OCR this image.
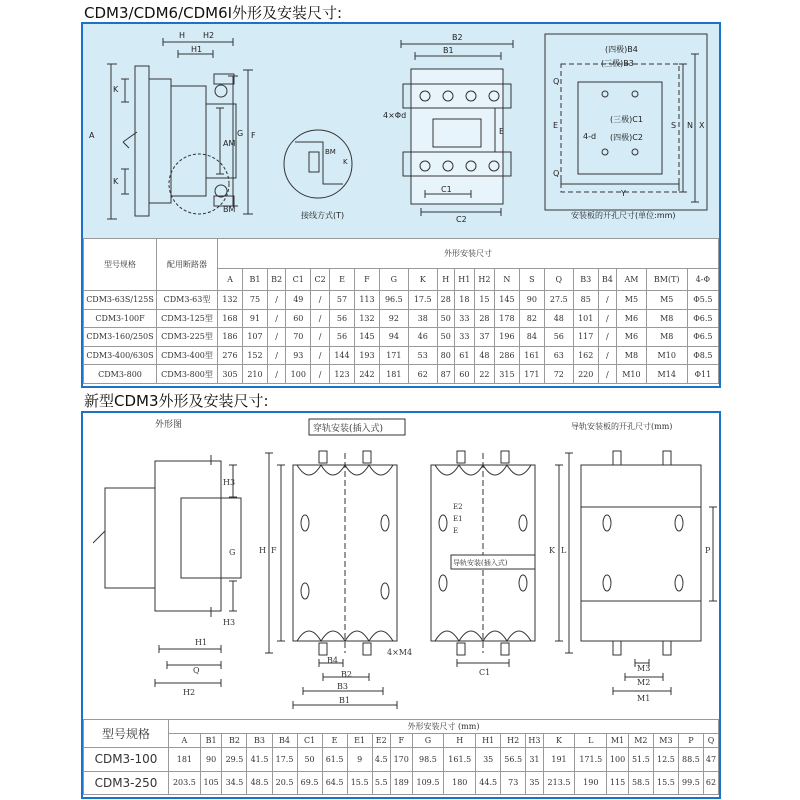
CDM3/CDM6/CDM6I外形及安装尺寸:
H H2
H1
K
A
AM
G F
K
BM
BM
K
接线方式(T)
B2
B1
4×Φd
E
C1
C2
(四极)B4
(三极)B3
Q
E
(三极)C1
4-d (四极)C2
Q
S N X
Y
安装板的开孔尺寸(单位:mm)
型号规格	配用断路器	外形安装尺寸																			
		A	B1	B2	C1	C2	E	F	G	K	H	H1	H2	N	S	Q	B3	B4	AM	BM(T)	4-Φ
CDM3-63S/125S	CDM3-63型	132	75	/	49	/	57	113	96.5	17.5	28	18	15	145	90	27.5	85	/	M5	M5	Φ5.5
CDM3-100F	CDM3-125型	168	91	/	60	/	56	132	92	38	50	33	28	178	82	48	101	/	M6	M8	Φ6.5
CDM3-160/250S	CDM3-225型	186	107	/	70	/	56	145	94	46	50	33	37	196	84	56	117	/	M6	M8	Φ6.5
CDM3-400/630S	CDM3-400型	276	152	/	93	/	144	193	171	53	80	61	48	286	161	63	162	/	M8	M10	Φ8.5
CDM3-800	CDM3-800型	305	210	/	100	/	123	242	181	62	87	60	22	315	171	72	220	/	M10	M14	Φ11
新型CDM3外形及安装尺寸:
外形图	穿轨安装(插入式)	导轨安装板的开孔尺寸(mm)
H3
G
H3
H1
Q
H2
F
H
B4
4×M4
B2
B3
B1
E2
E1
E
C1
导轨安装(插入式)
K L	P
M3
M2
M1
型号规格	外形安装尺寸 (mm)																					
	A	B1	B2	B3	B4	C1	E	E1	E2	F	G	H	H1	H2	H3	K	L	M1	M2	M3	P	Q
CDM3-100	181	90	29.5	41.5	17.5	50	61.5	9	4.5	170	98.5	161.5	35	56.5	31	191	171.5	100	51.5	12.5	88.5	47
CDM3-250	203.5	105	34.5	48.5	20.5	69.5	64.5	15.5	5.5	189	109.5	180	44.5	73	35	213.5	190	115	58.5	15.5	99.5	62
